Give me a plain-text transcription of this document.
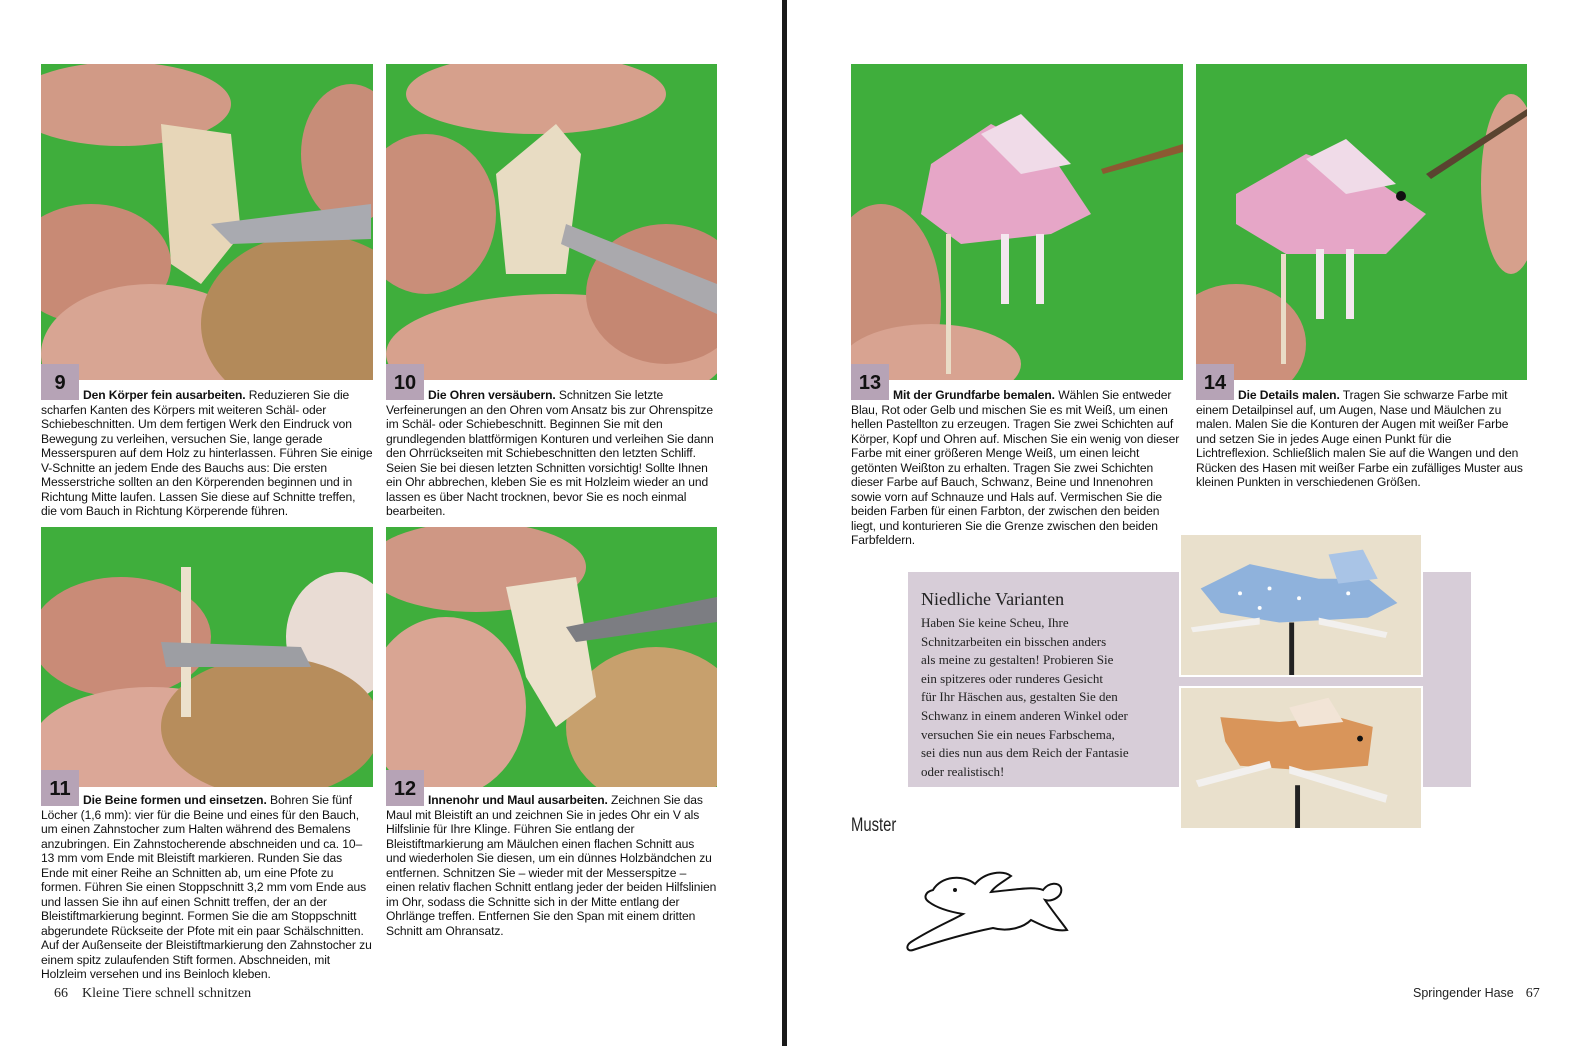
9
Den Körper fein ausarbeiten. Reduzieren Sie die scharfen Kanten des Körpers mit weiteren Schäl- oder Schiebeschnitten. Um dem fertigen Werk den Eindruck von Bewegung zu verleihen, versuchen Sie, lange gerade Messerspuren auf dem Holz zu hinterlassen. Führen Sie einige V-Schnitte an jedem Ende des Bauchs aus: Die ersten Messerstriche sollten an den Körperenden beginnen und in Richtung Mitte laufen. Lassen Sie diese auf Schnitte treffen, die vom Bauch in Richtung Körperende führen.
10
Die Ohren versäubern. Schnitzen Sie letzte Verfeinerungen an den Ohren vom Ansatz bis zur Ohrenspitze im Schäl- oder Schiebeschnitt. Beginnen Sie mit den grundlegenden blattförmigen Konturen und verleihen Sie dann den Ohrrückseiten mit Schiebeschnitten den letzten Schliff. Seien Sie bei diesen letzten Schnitten vorsichtig! Sollte Ihnen ein Ohr abbrechen, kleben Sie es mit Holzleim wieder an und lassen es über Nacht trocknen, bevor Sie es noch einmal bearbeiten.
11	Die Beine formen und einsetzen. Bohren Sie fünf Löcher (1,6 mm): vier für die Beine und eines für den Bauch, um einen Zahnstocher zum Halten während des Bemalens anzubringen. Ein Zahnstocherende abschneiden und ca. 10–13 mm vom Ende mit Bleistift markieren. Runden Sie das Ende mit einer Reihe an Schnitten ab, um eine Pfote zu formen. Führen Sie einen Stoppschnitt 3,2 mm vom Ende aus und lassen Sie ihn auf einen Schnitt treffen, der an der Bleistiftmarkierung beginnt. Formen Sie die am Stoppschnitt abgerundete Rückseite der Pfote mit ein paar Schälschnitten. Auf der Außenseite der Bleistiftmarkierung den Zahnstocher zu einem spitz zulaufenden Stift formen. Abschneiden, mit Holzleim versehen und ins Beinloch kleben.
12 Innenohr und Maul ausarbeiten. Zeichnen Sie das Maul mit Bleistift an und zeichnen Sie in jedes Ohr ein V als Hilfslinie für Ihre Klinge. Führen Sie entlang der Bleistiftmarkierung am Mäulchen einen flachen Schnitt aus und wiederholen Sie diesen, um ein dünnes Holzbändchen zu entfernen. Schnitzen Sie – wieder mit der Messerspitze – einen relativ flachen Schnitt entlang jeder der beiden Hilfslinien im Ohr, sodass die Schnitte sich in der Mitte entlang der Ohrlänge treffen. Entfernen Sie den Span mit einem dritten Schnitt am Ohransatz.
66 Kleine Tiere schnell schnitzen
13
Mit der Grundfarbe bemalen. Wählen Sie entweder Blau, Rot oder Gelb und mischen Sie es mit Weiß, um einen hellen Pastellton zu erzeugen. Tragen Sie zwei Schichten auf Körper, Kopf und Ohren auf. Mischen Sie ein wenig von dieser Farbe mit einer größeren Menge Weiß, um einen leicht getönten Weißton zu erhalten. Tragen Sie zwei Schichten dieser Farbe auf Bauch, Schwanz, Beine und Innenohren sowie vorn auf Schnauze und Hals auf. Vermischen Sie die beiden Farben für einen Farbton, der zwischen den beiden liegt, und konturieren Sie die Grenze zwischen den beiden Farbfeldern.
14
Die Details malen. Tragen Sie schwarze Farbe mit einem Detailpinsel auf, um Augen, Nase und Mäulchen zu malen. Malen Sie die Konturen der Augen mit weißer Farbe und setzen Sie in jedes Auge einen Punkt für die Lichtreflexion. Schließlich malen Sie auf die Wangen und den Rücken des Hasen mit weißer Farbe ein zufälliges Muster aus kleinen Punkten in verschiedenen Größen.
Niedliche Varianten
Haben Sie keine Scheu, Ihre
Schnitzarbeiten ein bisschen anders
als meine zu gestalten! Probieren Sie
ein spitzeres oder runderes Gesicht
für Ihr Häschen aus, gestalten Sie den
Schwanz in einem anderen Winkel oder
versuchen Sie ein neues Farbschema,
sei dies nun aus dem Reich der Fantasie
oder realistisch!
Muster
Springender Hase 67
